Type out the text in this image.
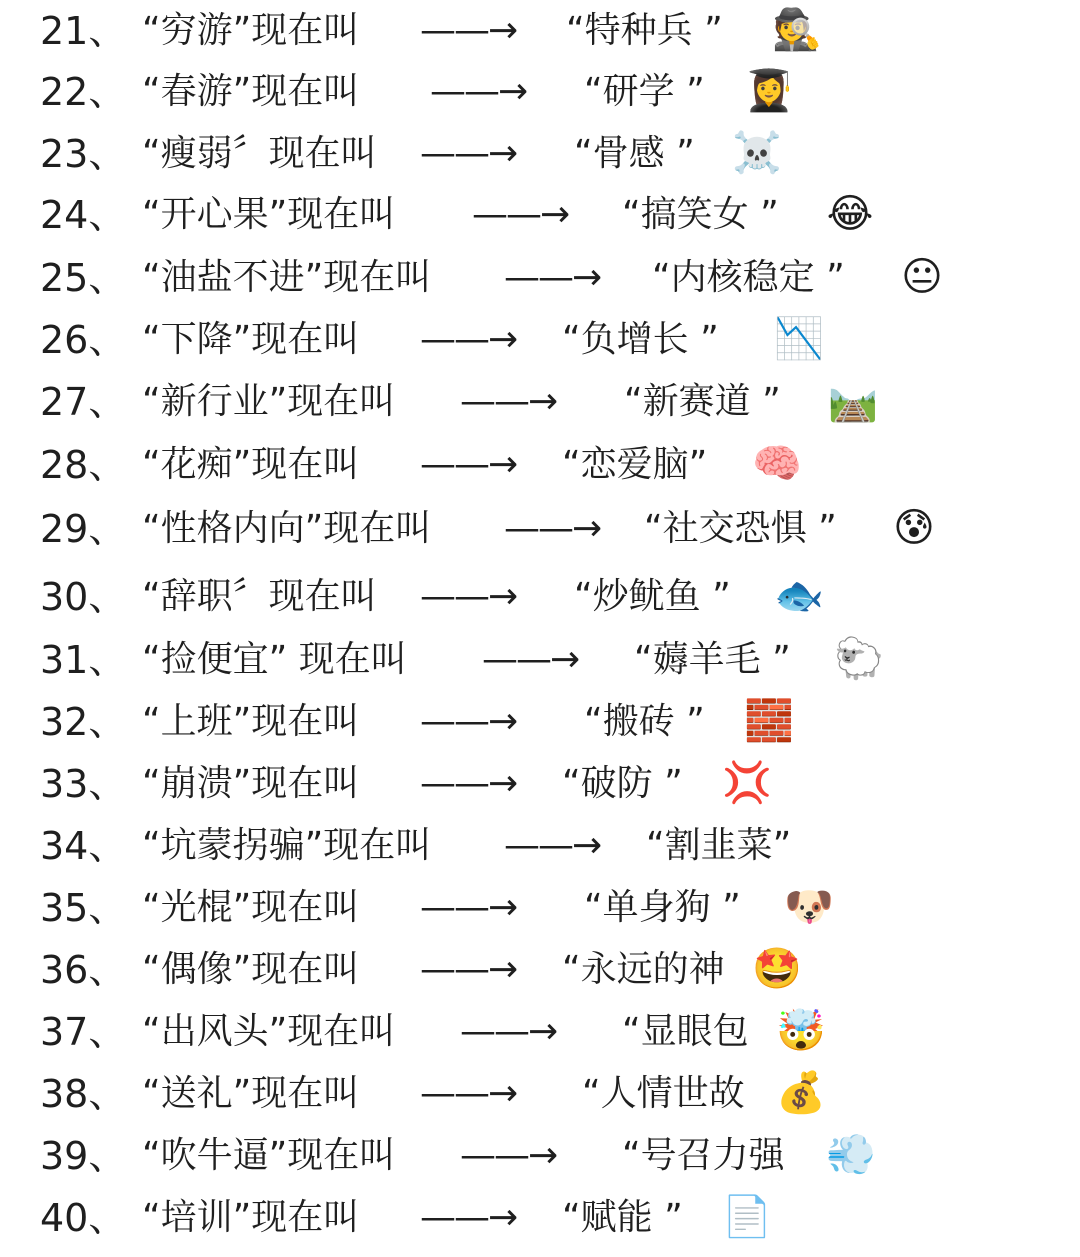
21、 “穷游”现在叫 ——→ “特种兵 ” 🕵️
22、 “春游”现在叫 ——→ “研学 ” 👩‍🎓
23、 “瘦弱〞现在叫 ——→ “骨感 ” ☠️
24、 “开心果”现在叫 ——→ “搞笑女 ” 😂
25、 “油盐不进”现在叫 ——→ “内核稳定 ” 😐
26、 “下降”现在叫 ——→ “负增长 ” 📉
27、 “新行业”现在叫 ——→ “新赛道 ” 🛤️
28、 “花痴”现在叫 ——→ “恋爱脑” 🧠
29、 “性格内向”现在叫 ——→ “社交恐惧 ” 😰
30、 “辞职〞现在叫 ——→ “炒鱿鱼 ” 🐟
31、 “捡便宜” 现在叫 ——→ “薅羊毛 ” 🐑
32、 “上班”现在叫 ——→ “搬砖 ” 🧱
33、 “崩溃”现在叫 ——→ “破防 ” 💢
34、 “坑蒙拐骗”现在叫 ——→ “割韭菜”
35、 “光棍”现在叫 ——→ “单身狗 ” 🐶
36、 “偶像”现在叫 ——→ “永远的神 🤩
37、 “出风头”现在叫 ——→ “显眼包 🤯
38、 “送礼”现在叫 ——→ “人情世故 💰
39、 “吹牛逼”现在叫 ——→ “号召力强 💨
40、 “培训”现在叫 ——→ “赋能 ” 📄
